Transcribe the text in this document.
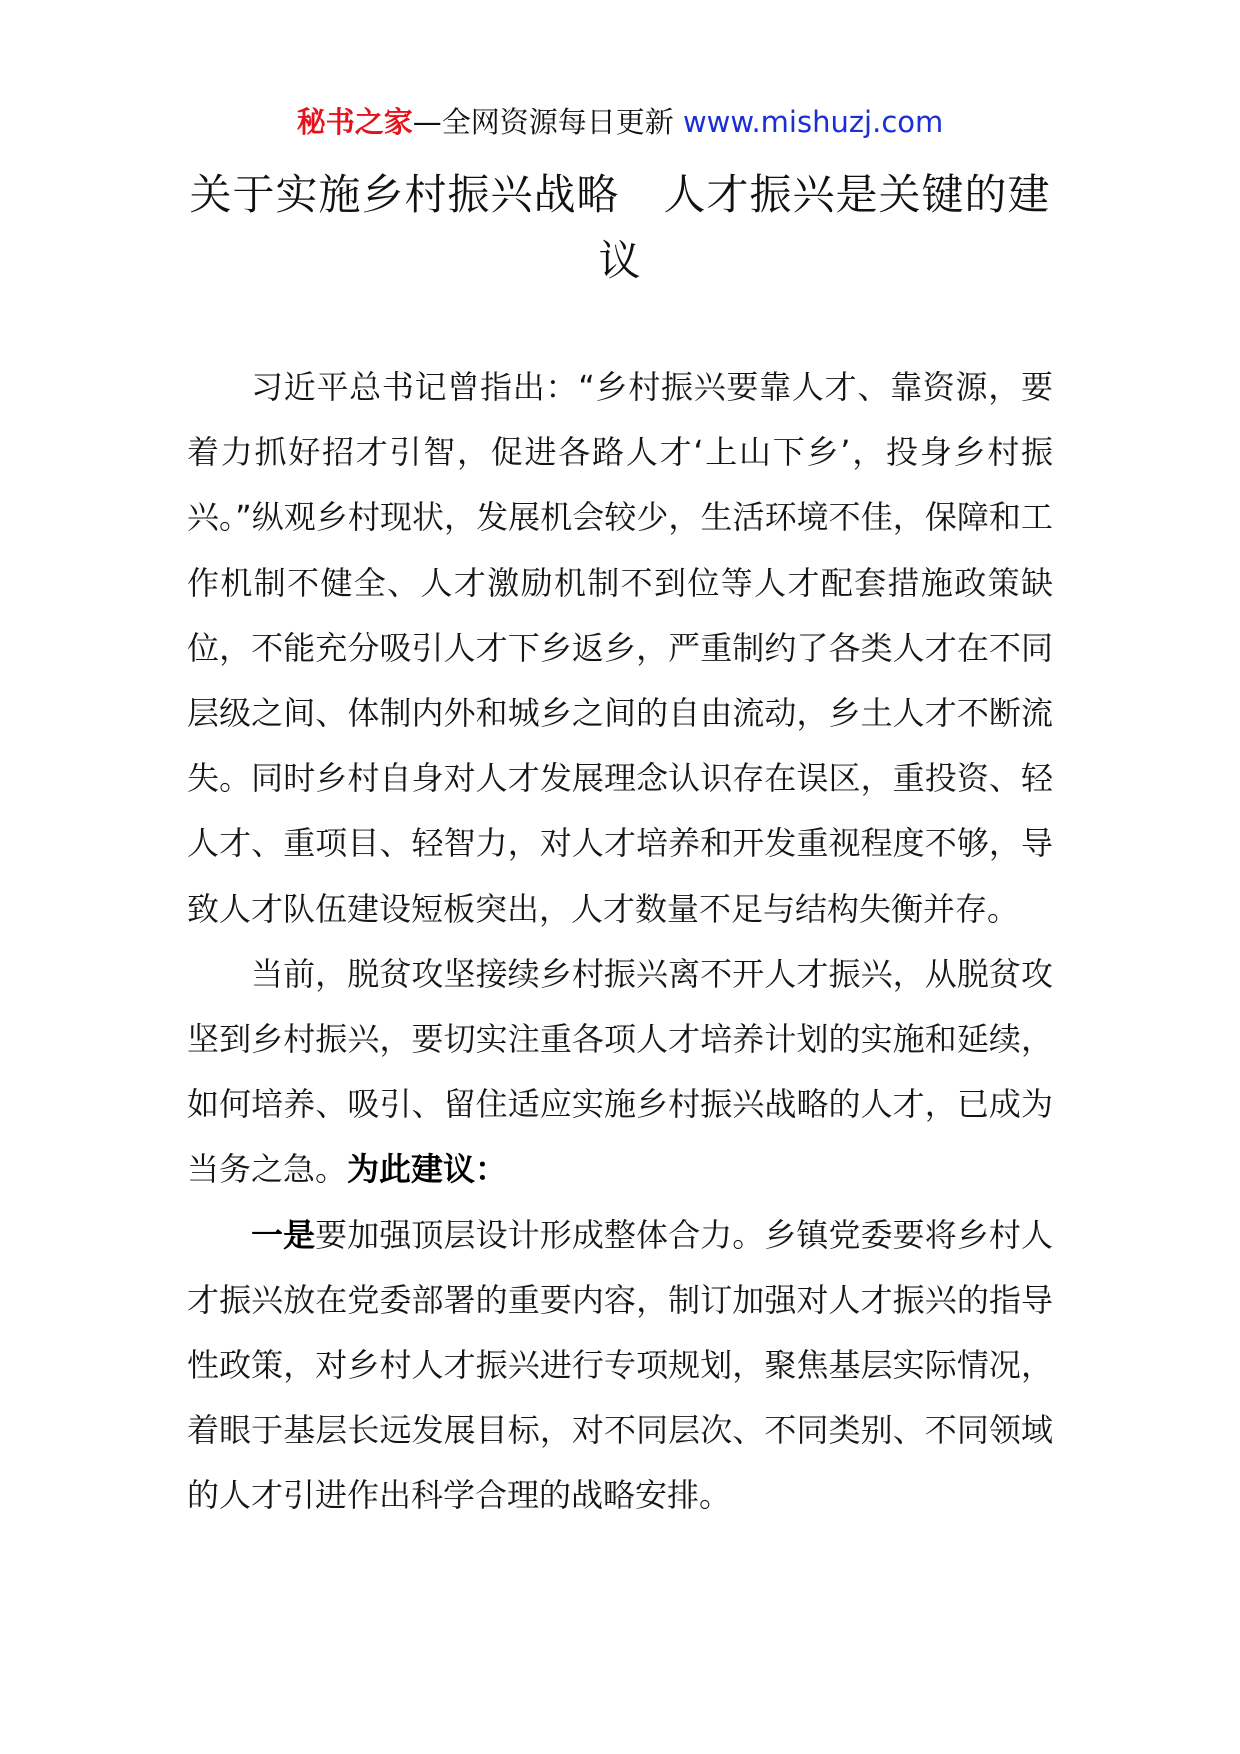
秘书之家—全网资源每日更新 www.mishuzj.com
关于实施乡村振兴战略 人才振兴是关键的建议

习近平总书记曾指出：“乡村振兴要靠人才、靠资源，要着力抓好招才引智，促进各路人才‘上山下乡’，投身乡村振兴。”纵观乡村现状，发展机会较少，生活环境不佳，保障和工作机制不健全、人才激励机制不到位等人才配套措施政策缺位，不能充分吸引人才下乡返乡，严重制约了各类人才在不同层级之间、体制内外和城乡之间的自由流动，乡土人才不断流失。同时乡村自身对人才发展理念认识存在误区，重投资、轻人才、重项目、轻智力，对人才培养和开发重视程度不够，导致人才队伍建设短板突出，人才数量不足与结构失衡并存。

当前，脱贫攻坚接续乡村振兴离不开人才振兴，从脱贫攻坚到乡村振兴，要切实注重各项人才培养计划的实施和延续，如何培养、吸引、留住适应实施乡村振兴战略的人才，已成为当务之急。为此建议：

一是要加强顶层设计形成整体合力。乡镇党委要将乡村人才振兴放在党委部署的重要内容，制订加强对人才振兴的指导性政策，对乡村人才振兴进行专项规划，聚焦基层实际情况，着眼于基层长远发展目标，对不同层次、不同类别、不同领域的人才引进作出科学合理的战略安排。
